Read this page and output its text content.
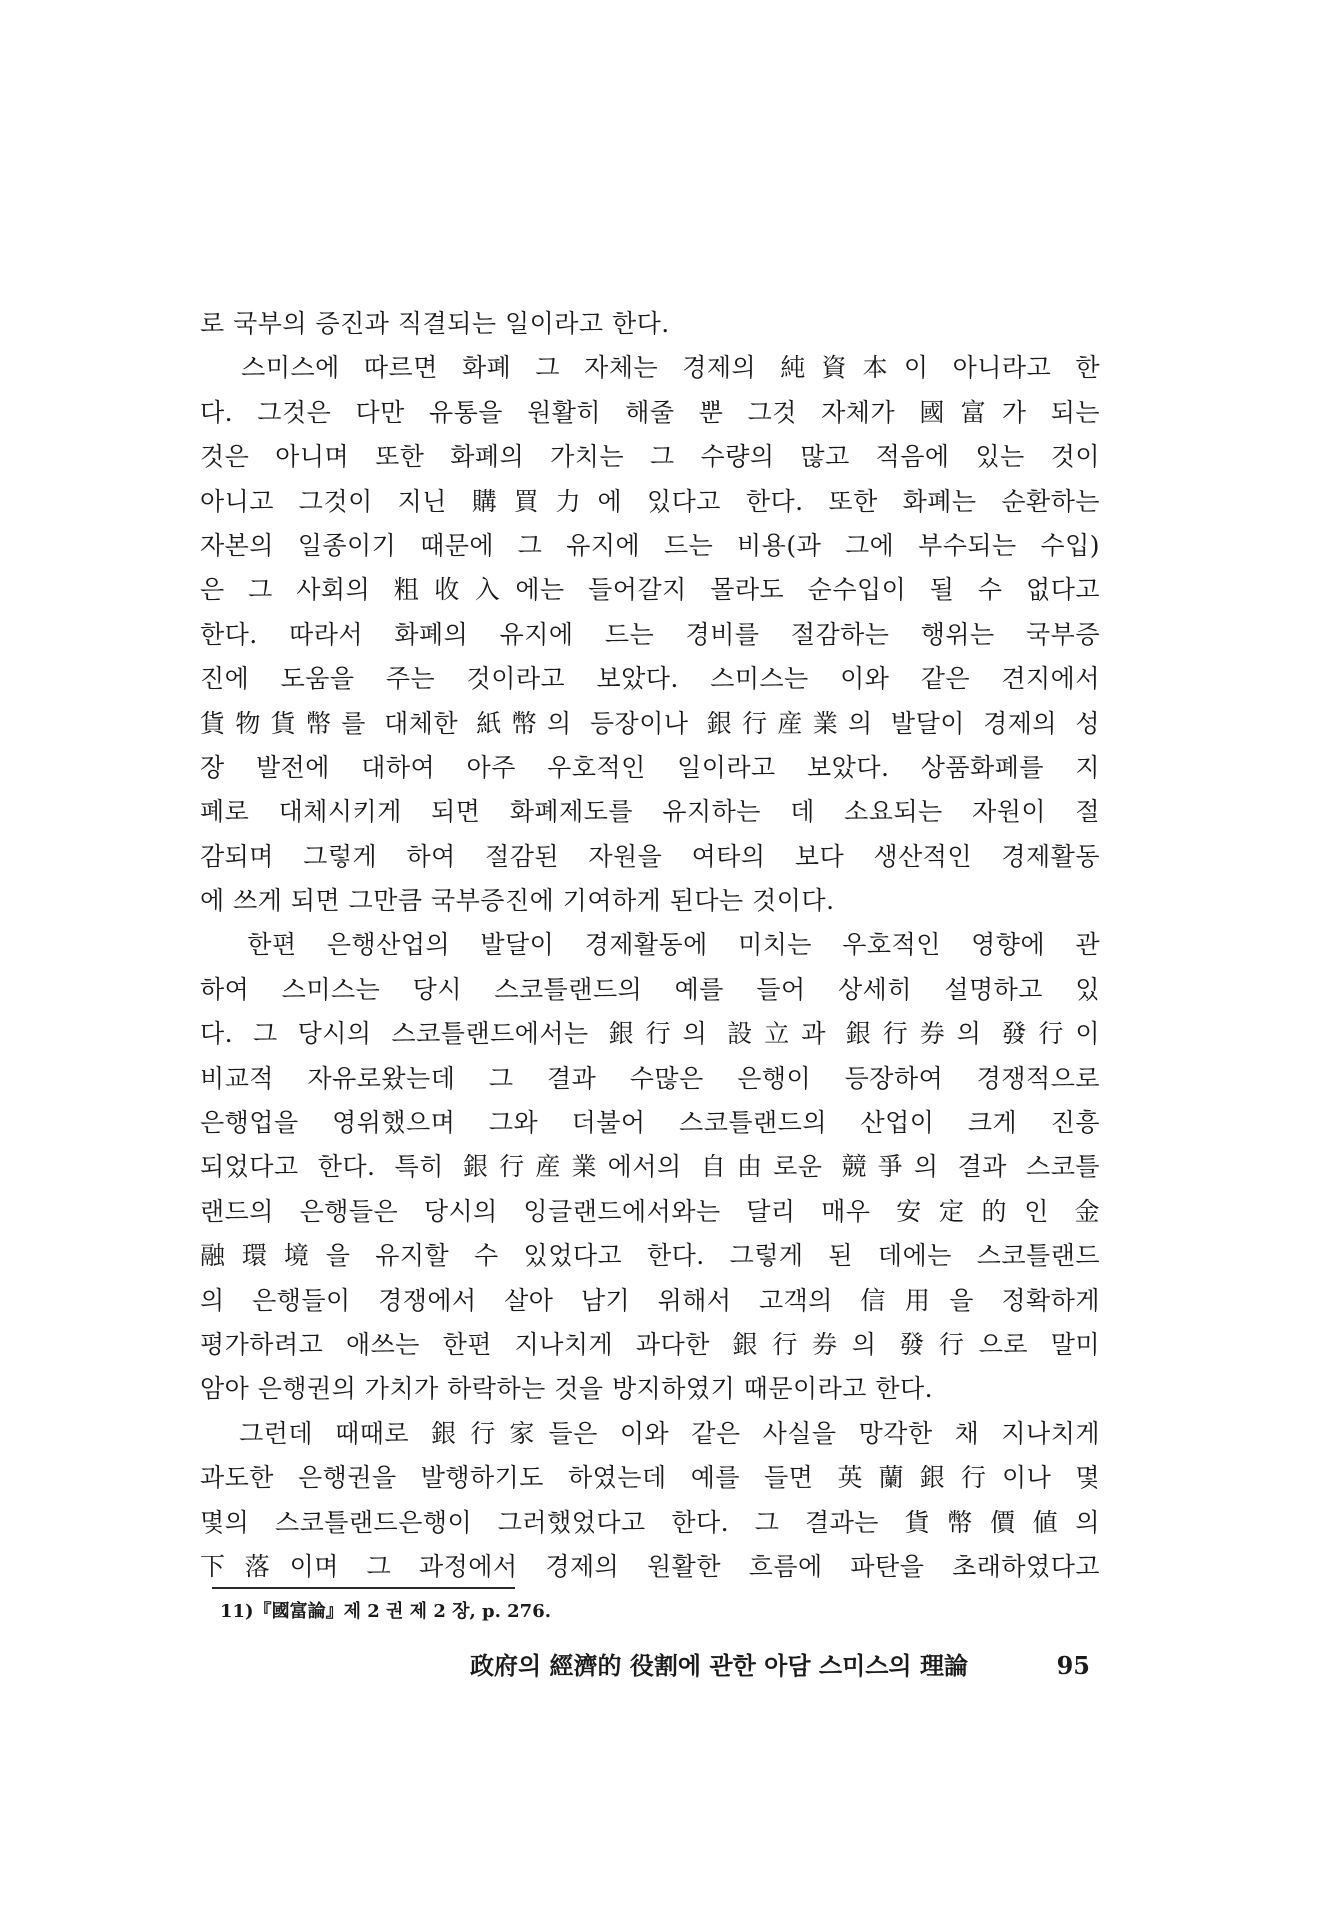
로 국부의 증진과 직결되는 일이라고 한다.
　스미스에 따르면 화폐 그 자체는 경제의 純資本이 아니라고 한
다. 그것은 다만 유통을 원활히 해줄 뿐 그것 자체가 國富가 되는
것은 아니며 또한 화폐의 가치는 그 수량의 많고 적음에 있는 것이
아니고 그것이 지닌 購買力에 있다고 한다. 또한 화폐는 순환하는
자본의 일종이기 때문에 그 유지에 드는 비용(과 그에 부수되는 수입)
은 그 사회의 粗收入에는 들어갈지 몰라도 순수입이 될 수 없다고
한다. 따라서 화폐의 유지에 드는 경비를 절감하는 행위는 국부증
진에 도움을 주는 것이라고 보았다. 스미스는 이와 같은 견지에서
貨物貨幣를 대체한 紙幣의 등장이나 銀行産業의 발달이 경제의 성
장 발전에 대하여 아주 우호적인 일이라고 보았다. 상품화폐를 지
폐로 대체시키게 되면 화폐제도를 유지하는 데 소요되는 자원이 절
감되며 그렇게 하여 절감된 자원을 여타의 보다 생산적인 경제활동
에 쓰게 되면 그만큼 국부증진에 기여하게 된다는 것이다.
　한편 은행산업의 발달이 경제활동에 미치는 우호적인 영향에 관
하여 스미스는 당시 스코틀랜드의 예를 들어 상세히 설명하고 있
다. 그 당시의 스코틀랜드에서는 銀行의 設立과 銀行券의 發行이
비교적 자유로왔는데 그 결과 수많은 은행이 등장하여 경쟁적으로
은행업을 영위했으며 그와 더불어 스코틀랜드의 산업이 크게 진흥
되었다고 한다. 특히 銀行産業에서의 自由로운 競爭의 결과 스코틀
랜드의 은행들은 당시의 잉글랜드에서와는 달리 매우 安定的인 金
融環境을 유지할 수 있었다고 한다. 그렇게 된 데에는 스코틀랜드
의 은행들이 경쟁에서 살아 남기 위해서 고객의 信用을 정확하게
평가하려고 애쓰는 한편 지나치게 과다한 銀行券의 發行으로 말미
암아 은행권의 가치가 하락하는 것을 방지하였기 때문이라고 한다.
　그런데 때때로 銀行家들은 이와 같은 사실을 망각한 채 지나치게
과도한 은행권을 발행하기도 하였는데 예를 들면 英蘭銀行이나 몇
몇의 스코틀랜드은행이 그러했었다고 한다. 그 결과는 貨幣價値의
下落이며 그 과정에서 경제의 원활한 흐름에 파탄을 초래하였다고
11)『國富論』제 2 권 제 2 장, p. 276.
政府의 經濟的 役割에 관한 아담 스미스의 理論	95
